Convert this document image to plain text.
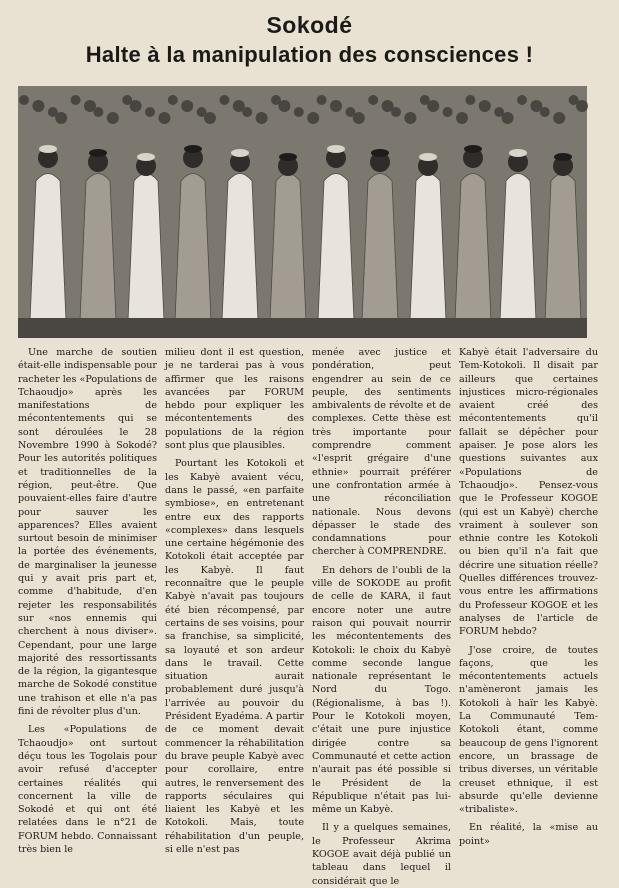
Sokodé
Halte à la manipulation des consciences !

Une marche de soutien était-elle indispensable pour racheter les «Populations de Tchaoudjo» après les manifestations de mécontentements qui se sont déroulées le 28 Novembre 1990 à Sokodé? Pour les autorités politiques et traditionnelles de la région, peut-être. Que pouvaient-elles faire d'autre pour sauver les apparences? Elles avaient surtout besoin de minimiser la portée des événements, de marginaliser la jeunesse qui y avait pris part et, comme d'habitude, d'en rejeter les responsabilités sur «nos ennemis qui cherchent à nous diviser». Cependant, pour une large majorité des ressortissants de la région, la gigantesque marche de Sokodé constitue une trahison et elle n'a pas fini de révolter plus d'un.

Les «Populations de Tchaoudjo» ont surtout déçu tous les Togolais pour avoir refusé d'accepter certaines réalités qui concernent la ville de Sokodé et qui ont été relatées dans le n°21 de FORUM hebdo. Connaissant très bien le

milieu dont il est question, je ne tarderai pas à vous affirmer que les raisons avancées par FORUM hebdo pour expliquer les mécontentements des populations de la région sont plus que plausibles.

Pourtant les Kotokoli et les Kabyè avaient vécu, dans le passé, «en parfaite symbiose», en entretenant entre eux des rapports «complexes» dans lesquels une certaine hégémonie des Kotokoli était acceptée par les Kabyè. Il faut reconnaître que le peuple Kabyè n'avait pas toujours été bien récompensé, par certains de ses voisins, pour sa franchise, sa simplicité, sa loyauté et son ardeur dans le travail. Cette situation aurait probablement duré jusqu'à l'arrivée au pouvoir du Président Eyadéma. A partir de ce moment devait commencer la réhabilitation du brave peuple Kabyè avec pour corollaire, entre autres, le renversement des rapports séculaires qui liaient les Kabyè et les Kotokoli. Mais, toute réhabilitation d'un peuple, si elle n'est pas

menée avec justice et pondération, peut engendrer au sein de ce peuple, des sentiments ambivalents de révolte et de complexes. Cette thèse est très importante pour comprendre comment «l'esprit grégaire d'une ethnie» pourrait préférer une confrontation armée à une réconciliation nationale. Nous devons dépasser le stade des condamnations pour chercher à COMPRENDRE.

En dehors de l'oubli de la ville de SOKODE au profit de celle de KARA, il faut encore noter une autre raison qui pouvait nourrir les mécontentements des Kotokoli: le choix du Kabyè comme seconde langue nationale représentant le Nord du Togo. (Régionalisme, à bas !). Pour le Kotokoli moyen, c'était une pure injustice dirigée contre sa Communauté et cette action n'aurait pas été possible si le Président de la République n'était pas lui-même un Kabyè.

Il y a quelques semaines, le Professeur Akrima KOGOE avait déjà publié un tableau dans lequel il considérait que le

Kabyè était l'adversaire du Tem-Kotokoli. Il disait par ailleurs que certaines injustices micro-régionales avaient créé des mécontentements qu'il fallait se dépêcher pour apaiser. Je pose alors les questions suivantes aux «Populations de Tchaoudjo». Pensez-vous que le Professeur KOGOE (qui est un Kabyè) cherche vraiment à soulever son ethnie contre les Kotokoli ou bien qu'il n'a fait que décrire une situation réelle? Quelles différences trouvez-vous entre les affirmations du Professeur KOGOE et les analyses de l'article de FORUM hebdo?

J'ose croire, de toutes façons, que les mécontentements actuels n'amèneront jamais les Kotokoli à haïr les Kabyè. La Communauté Tem-Kotokoli étant, comme beaucoup de gens l'ignorent encore, un brassage de tribus diverses, un véritable creuset ethnique, il est absurde qu'elle devienne «tribaliste».

En réalité, la «mise au point»
